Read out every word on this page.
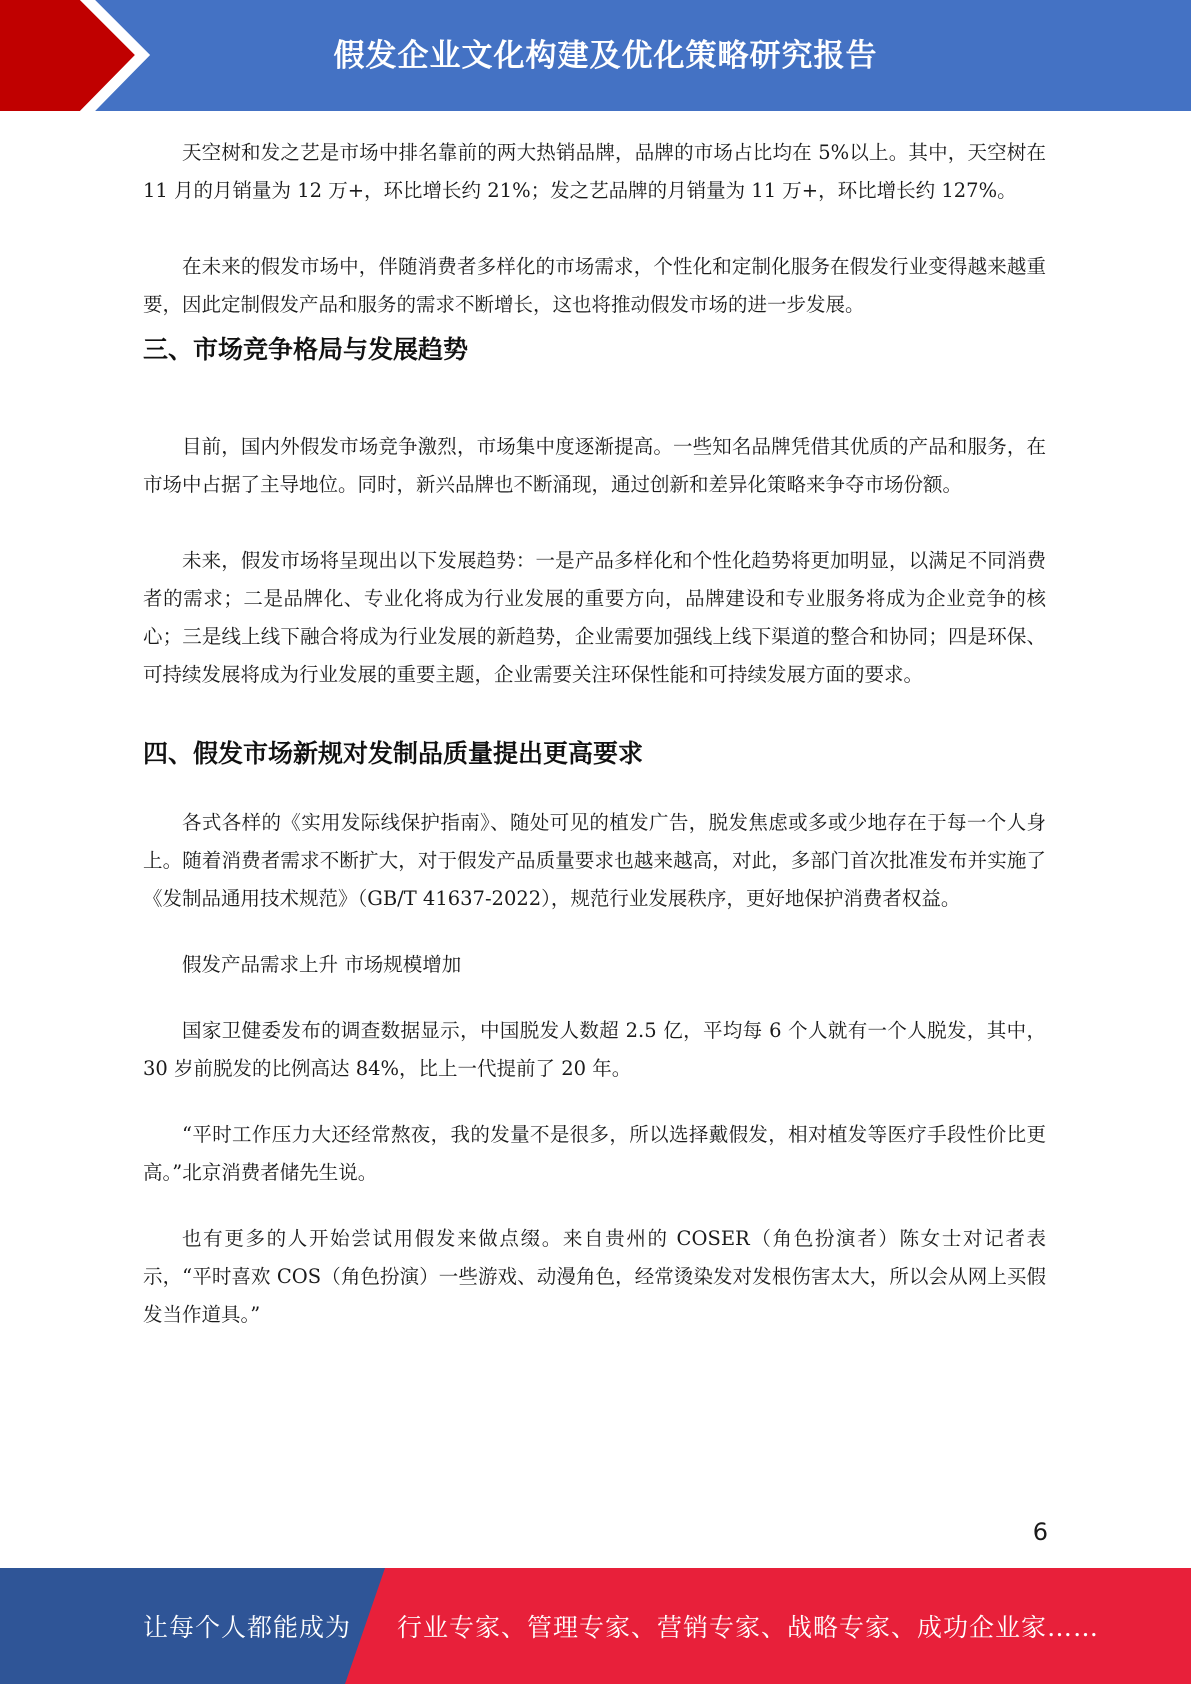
假发企业文化构建及优化策略研究报告

天空树和发之艺是市场中排名靠前的两大热销品牌，品牌的市场占比均在 5%以上。其中，天空树在 11 月的月销量为 12 万+，环比增长约 21%；发之艺品牌的月销量为 11 万+，环比增长约 127%。

在未来的假发市场中，伴随消费者多样化的市场需求，个性化和定制化服务在假发行业变得越来越重要，因此定制假发产品和服务的需求不断增长，这也将推动假发市场的进一步发展。

三、市场竞争格局与发展趋势

目前，国内外假发市场竞争激烈，市场集中度逐渐提高。一些知名品牌凭借其优质的产品和服务，在市场中占据了主导地位。同时，新兴品牌也不断涌现，通过创新和差异化策略来争夺市场份额。

未来，假发市场将呈现出以下发展趋势：一是产品多样化和个性化趋势将更加明显，以满足不同消费者的需求；二是品牌化、专业化将成为行业发展的重要方向，品牌建设和专业服务将成为企业竞争的核心；三是线上线下融合将成为行业发展的新趋势，企业需要加强线上线下渠道的整合和协同；四是环保、可持续发展将成为行业发展的重要主题，企业需要关注环保性能和可持续发展方面的要求。

四、假发市场新规对发制品质量提出更高要求

各式各样的《实用发际线保护指南》、随处可见的植发广告，脱发焦虑或多或少地存在于每一个人身上。随着消费者需求不断扩大，对于假发产品质量要求也越来越高，对此，多部门首次批准发布并实施了《发制品通用技术规范》（GB/T 41637-2022），规范行业发展秩序，更好地保护消费者权益。

假发产品需求上升 市场规模增加

国家卫健委发布的调查数据显示，中国脱发人数超 2.5 亿，平均每 6 个人就有一个人脱发，其中，30 岁前脱发的比例高达 84%，比上一代提前了 20 年。

“平时工作压力大还经常熬夜，我的发量不是很多，所以选择戴假发，相对植发等医疗手段性价比更高。”北京消费者储先生说。

也有更多的人开始尝试用假发来做点缀。来自贵州的 COSER（角色扮演者）陈女士对记者表示，“平时喜欢 COS（角色扮演）一些游戏、动漫角色，经常烫染发对发根伤害太大，所以会从网上买假发当作道具。”

6
让每个人都能成为 行业专家、管理专家、营销专家、战略专家、成功企业家……
